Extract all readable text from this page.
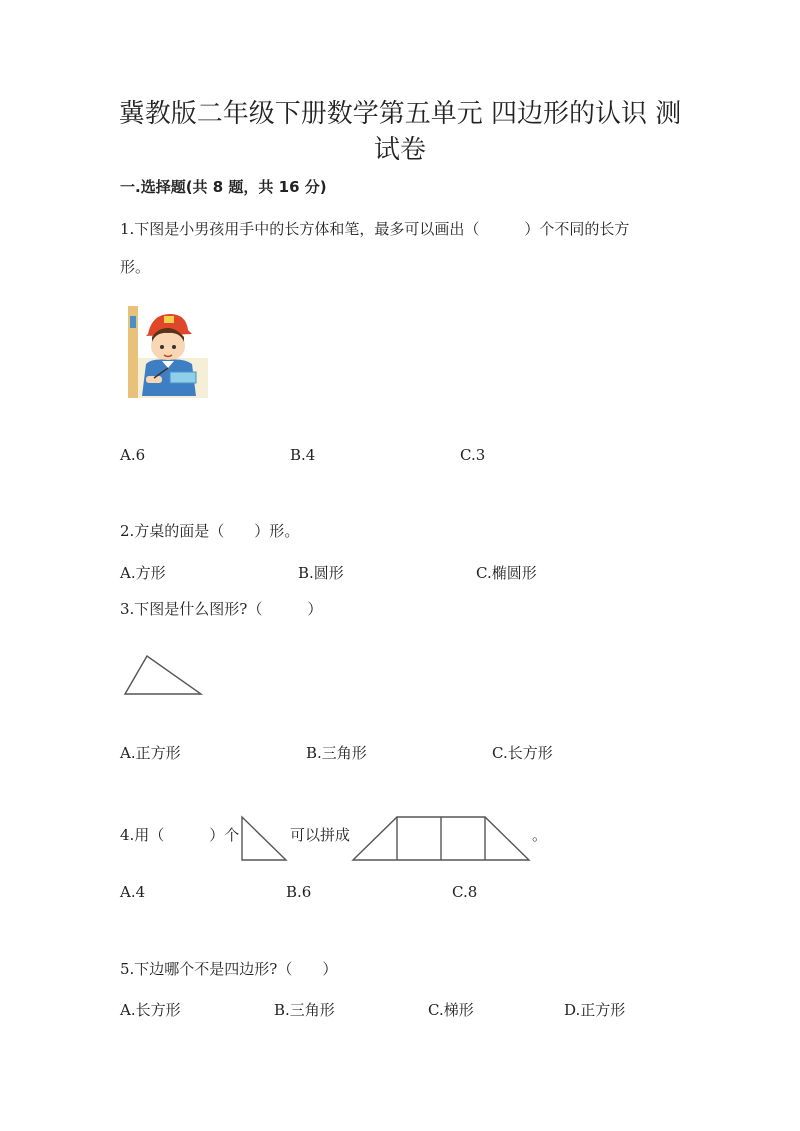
冀教版二年级下册数学第五单元 四边形的认识 测
试卷
一.选择题(共 8 题，共 16 分)
1.下图是小男孩用手中的长方体和笔，最多可以画出（　　　）个不同的长方
形。
A.6	B.4	C.3
2.方桌的面是（　　）形。
A.方形	B.圆形	C.椭圆形
3.下图是什么图形?（　　　）
A.正方形	B.三角形	C.长方形
4.用（　　　）个	可以拼成	。
A.4	B.6	C.8
5.下边哪个不是四边形?（　　）
A.长方形	B.三角形	C.梯形	D.正方形
